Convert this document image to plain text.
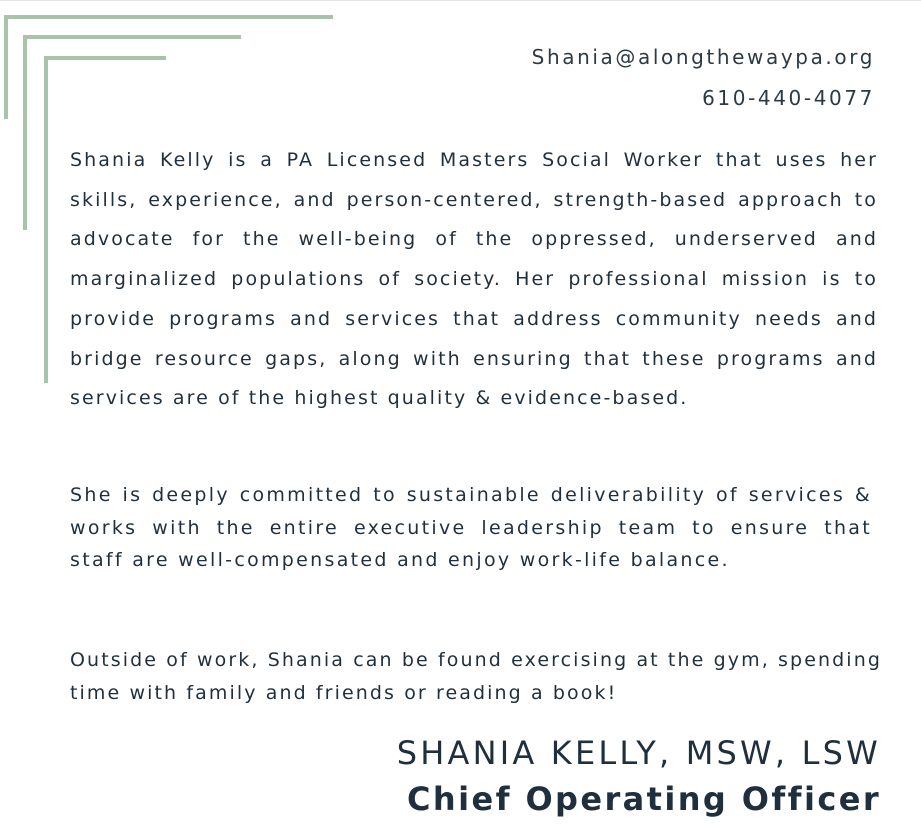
Shania@alongthewaypa.org
610-440-4077

Shania Kelly is a PA Licensed Masters Social Worker that uses her skills, experience, and person-centered, strength-based approach to advocate for the well-being of the oppressed, underserved and marginalized populations of society. Her professional mission is to provide programs and services that address community needs and bridge resource gaps, along with ensuring that these programs and services are of the highest quality & evidence-based.

She is deeply committed to sustainable deliverability of services & works with the entire executive leadership team to ensure that staff are well-compensated and enjoy work-life balance.

Outside of work, Shania can be found exercising at the gym, spending time with family and friends or reading a book!

SHANIA KELLY, MSW, LSW
Chief Operating Officer
